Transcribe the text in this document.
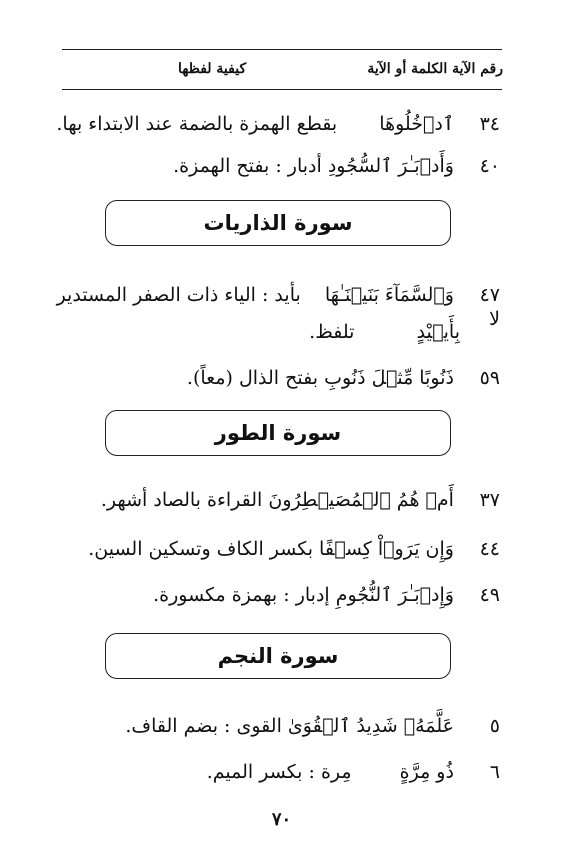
رقم الآية الكلمة أو الآية
كيفية لفظها
٣٤ ٱدۡخُلُوهَا  بقطع الهمزة بالضمة عند الابتداء بها.
٤٠ وَأَدۡبَـٰرَ ٱلسُّجُودِ أدبار : بفتح الهمزة.
سورة الذاريات
٤٧ وَٱلسَّمَآءَ بَنَيۡنَـٰهَا  بأيد : الياء ذات الصفر المستدير لا
بِأَيۡيْدٍ  تلفظ.
٥٩ ذَنُوبًا مِّثۡلَ ذَنُوبِ بفتح الذال (معاً).
سورة الطور
٣٧ أَمۡ هُمُ ٱلۡمُصَيۡطِرُونَ القراءة بالصاد أشهر.
٤٤ وَإِن يَرَوۡاْ كِسۡفًا بكسر الكاف وتسكين السين.
٤٩ وَإِدۡبَـٰرَ ٱلنُّجُومِ إدبار : بهمزة مكسورة.
سورة النجم
٥ عَلَّمَهُۥ شَدِيدُ ٱلۡقُوَىٰ القوى : بضم القاف.
٦ ذُو مِرَّةٍ  مِرة : بكسر الميم.
٧٠
